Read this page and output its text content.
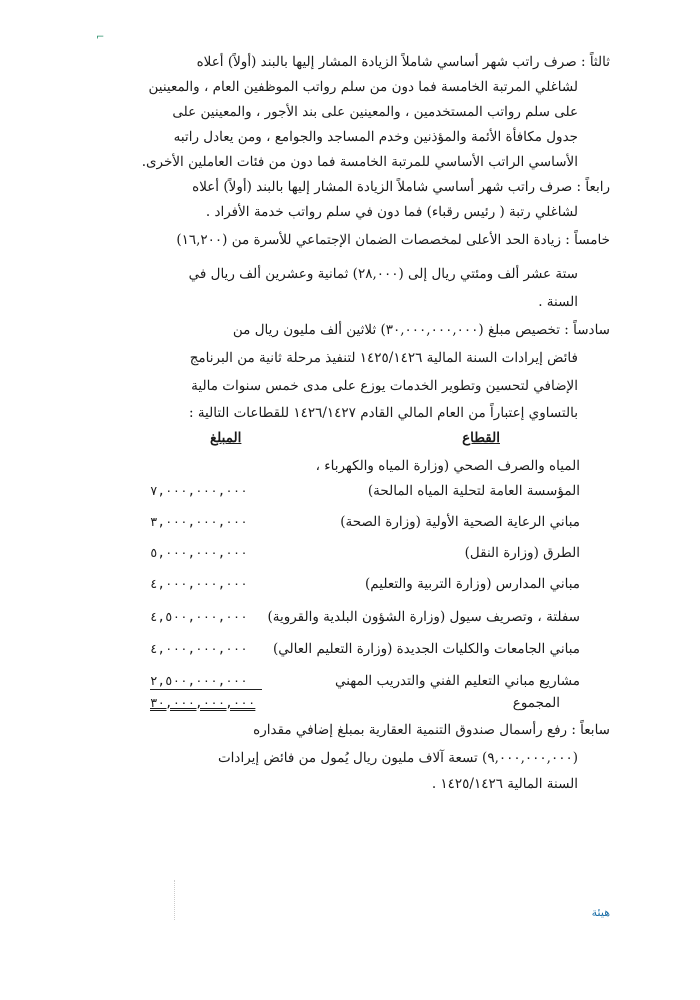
⌐
ثالثاً : صرف راتب شهر أساسي شاملاً الزيادة المشار إليها بالبند (أولاً) أعلاه
لشاغلي المرتبة الخامسة فما دون من سلم رواتب الموظفين العام ، والمعينين
على سلم رواتب المستخدمين ، والمعينين على بند الأجور ، والمعينين على
جدول مكافأة الأئمة والمؤذنين وخدم المساجد والجوامع ، ومن يعادل راتبه
الأساسي الراتب الأساسي للمرتبة الخامسة فما دون من فئات العاملين الأخرى.
رابعاً : صرف راتب شهر أساسي شاملاً الزيادة المشار إليها بالبند (أولاً) أعلاه
لشاغلي رتبة ( رئيس رقباء) فما دون في سلم رواتب خدمة الأفراد .
خامساً : زيادة الحد الأعلى لمخصصات الضمان الإجتماعي للأسرة من (١٦,٢٠٠)
ستة عشر ألف ومئتي ريال إلى (٢٨,٠٠٠) ثمانية وعشرين ألف ريال في
السنة .
سادساً : تخصيص مبلغ (٣٠,٠٠٠,٠٠٠,٠٠٠) ثلاثين ألف مليون ريال من
فائض إيرادات السنة المالية ١٤٢٥/١٤٢٦ لتنفيذ مرحلة ثانية من البرنامج
الإضافي لتحسين وتطوير الخدمات يوزع على مدى خمس سنوات مالية
بالتساوي إعتباراً من العام المالي القادم ١٤٢٦/١٤٢٧ للقطاعات التالية :
القطاع
المبلغ
المياه والصرف الصحي (وزارة المياه والكهرباء ،
المؤسسة العامة لتحلية المياه المالحة)
٧,٠٠٠,٠٠٠,٠٠٠
مباني الرعاية الصحية الأولية (وزارة الصحة)
٣,٠٠٠,٠٠٠,٠٠٠
الطرق (وزارة النقل)
٥,٠٠٠,٠٠٠,٠٠٠
مباني المدارس (وزارة التربية والتعليم)
٤,٠٠٠,٠٠٠,٠٠٠
سفلتة ، وتصريف سيول (وزارة الشؤون البلدية والقروية)
٤,٥٠٠,٠٠٠,٠٠٠
مباني الجامعات والكليات الجديدة (وزارة التعليم العالي)
٤,٠٠٠,٠٠٠,٠٠٠
مشاريع مباني التعليم الفني والتدريب المهني
٢,٥٠٠,٠٠٠,٠٠٠
المجموع
٣٠,٠٠٠,٠٠٠,٠٠٠
سابعاً : رفع رأسمال صندوق التنمية العقارية بمبلغ إضافي مقداره
(٩,٠٠٠,٠٠٠,٠٠٠) تسعة آلاف مليون ريال يُمول من فائض إيرادات
السنة المالية ١٤٢٥/١٤٢٦ .
هيئة
